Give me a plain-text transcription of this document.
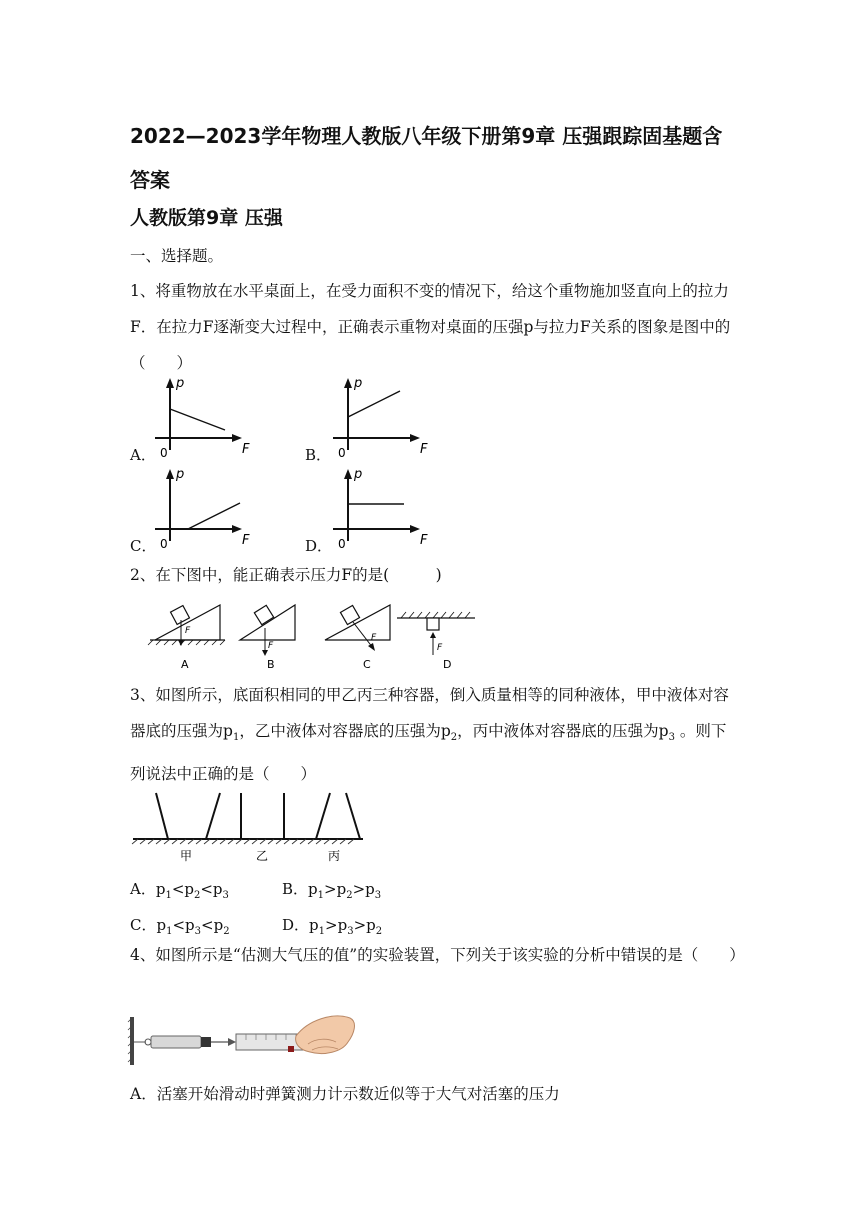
2022—2023学年物理人教版八年级下册第9章 压强跟踪固基题含答案
人教版第9章 压强
一、选择题。
1、将重物放在水平桌面上，在受力面积不变的情况下，给这个重物施加竖直向上的拉力F．在拉力F逐渐变大过程中，正确表示重物对桌面的压强p与拉力F关系的图象是图中的（　　）
A．
p
F
0	B．
p
F
0
C．
p
F
0	D．
p
F
0
2、在下图中，能正确表示压力F的是(　　　)
F
A
F
B
F
C
F
D
3、如图所示，底面积相同的甲乙丙三种容器，倒入质量相等的同种液体，甲中液体对容器底的压强为$p_1$，乙中液体对容器底的压强为$p_2$，丙中液体对容器底的压强为$p_3$ 。则下列说法中正确的是（　　）
甲	乙	丙
A．$p_1<p_2<p_3$	B．$p_1>p_2>p_3$
C．$p_1<p_3<p_2$	D．$p_1>p_3>p_2$
4、如图所示是“估测大气压的值”的实验装置，下列关于该实验的分析中错误的是（　　）
A．活塞开始滑动时弹簧测力计示数近似等于大气对活塞的压力
